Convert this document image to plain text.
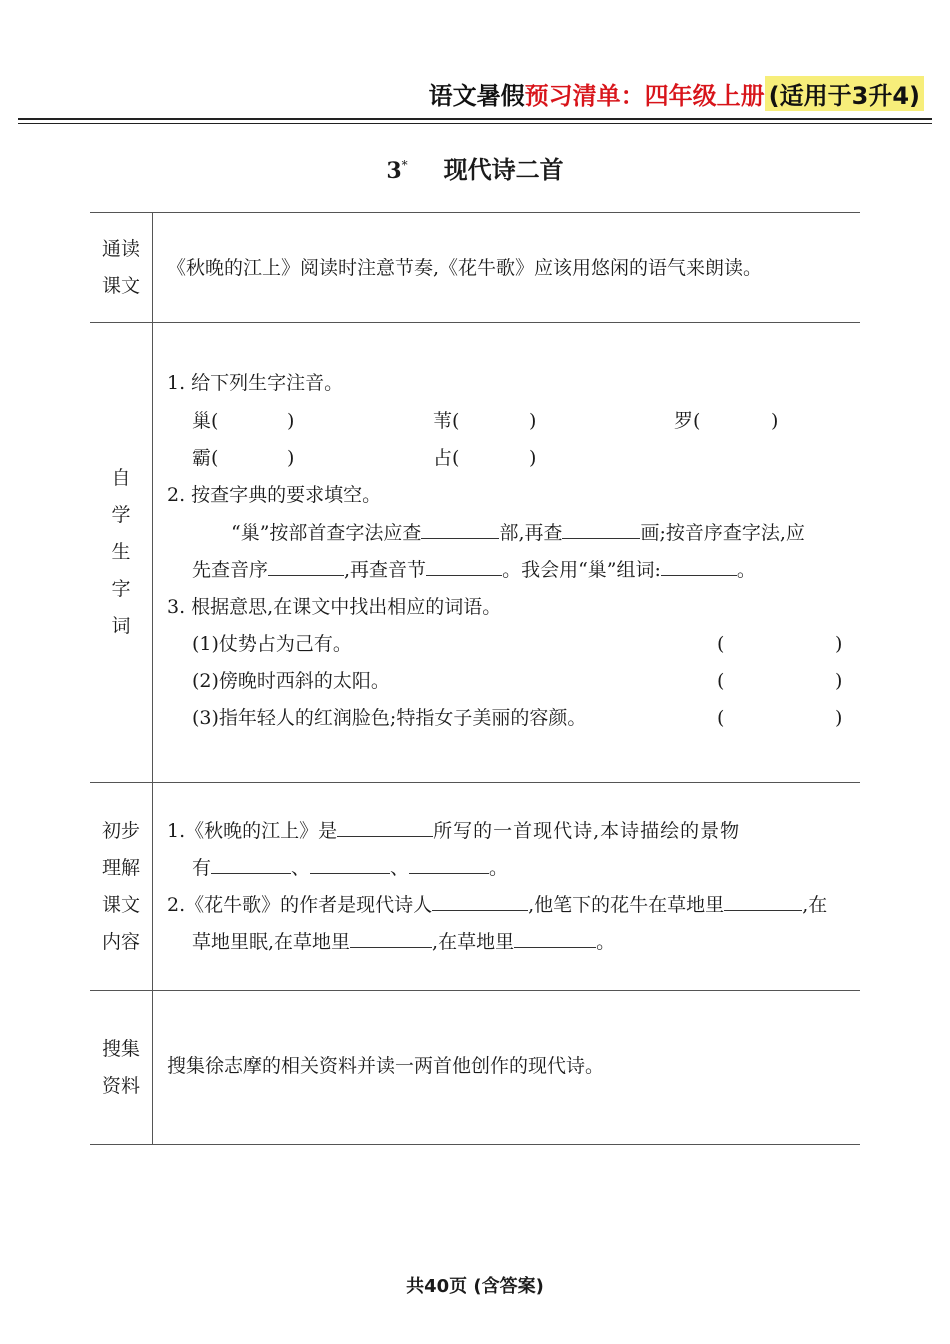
语文暑假预习清单：四年级上册 (适用于3升4)
3* 现代诗二首
通读课文
《秋晚的江上》阅读时注意节奏,《花牛歌》应该用悠闲的语气来朗读。
自学生字词
1. 给下列生字注音。
巢(	)	苇(	)	罗(	)
霸(	)	占(	)
2. 按查字典的要求填空。
“巢”按部首查字法应查	部,再查	画;按音序查字法,应
先查音序	,再查音节	。我会用“巢”组词:	。
3. 根据意思,在课文中找出相应的词语。
(1)仗势占为己有。	(	)
(2)傍晚时西斜的太阳。	(	)
(3)指年轻人的红润脸色;特指女子美丽的容颜。	(	)
初步理解课文内容
1.《秋晚的江上》是	所写的一首现代诗,本诗描绘的景物
有	、	、	。
2.《花牛歌》的作者是现代诗人	,他笔下的花牛在草地里	,在
草地里眠,在草地里	,在草地里	。
搜集资料
搜集徐志摩的相关资料并读一两首他创作的现代诗。
共40页 (含答案)
